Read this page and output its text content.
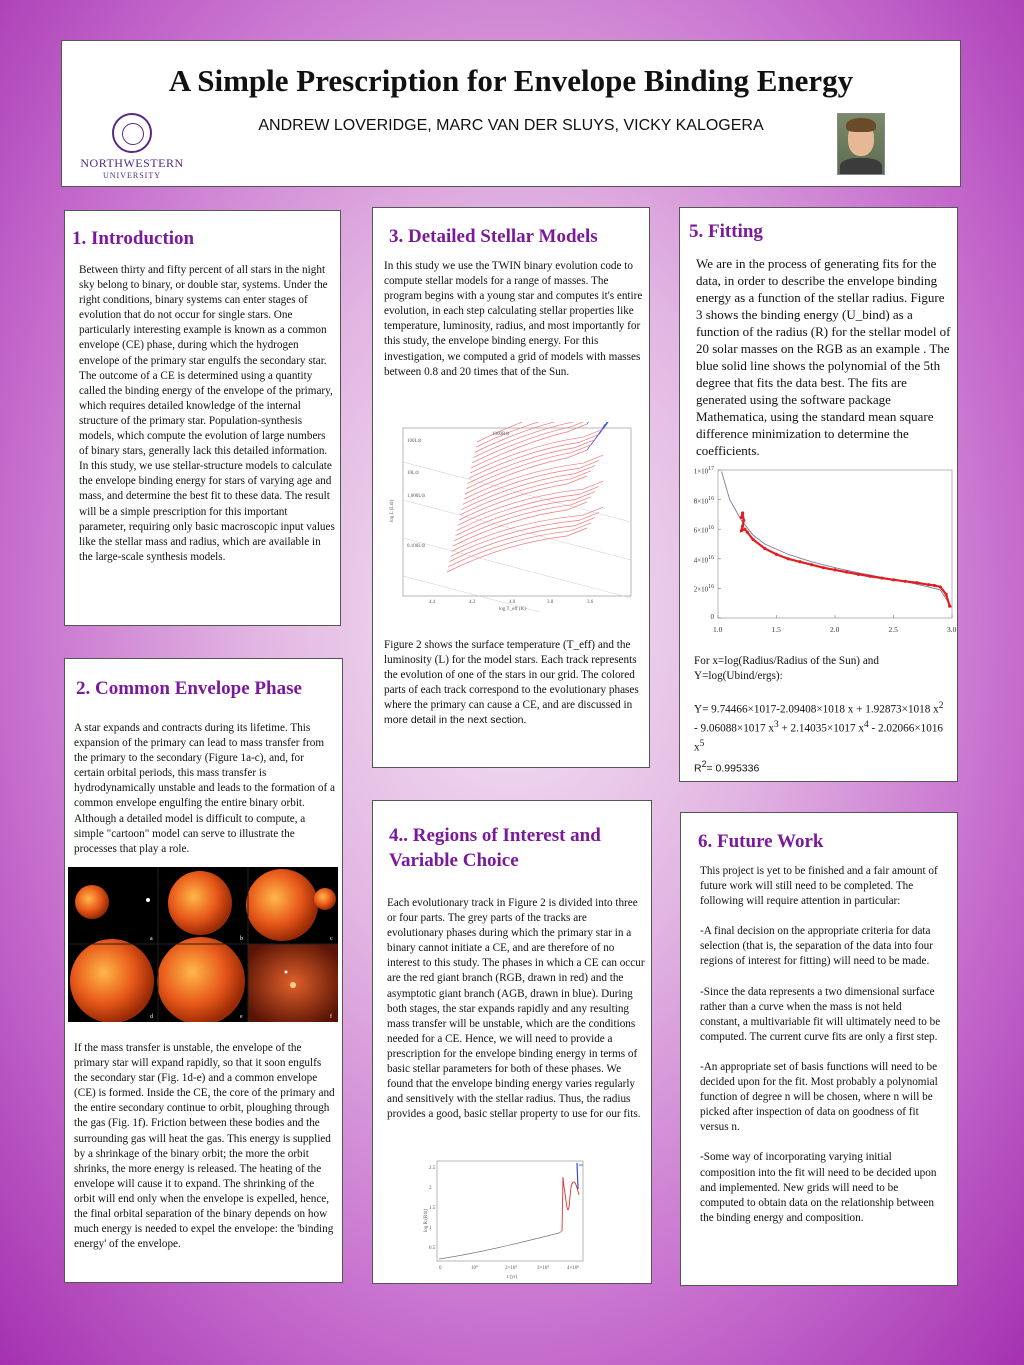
A Simple Prescription for Envelope Binding Energy
ANDREW LOVERIDGE, MARC VAN DER SLUYS, VICKY KALOGERA
NORTHWESTERN
UNIVERSITY
1. Introduction

Between thirty and fifty percent of all stars in the night sky belong to binary, or double star, systems. Under the right conditions, binary systems can enter stages of evolution that do not occur for single stars. One particularly interesting example is known as a common envelope (CE) phase, during which the hydrogen envelope of the primary star engulfs the secondary star. The outcome of a CE is determined using a quantity called the binding energy of the envelope of the primary, which requires detailed knowledge of the internal structure of the primary star. Population-synthesis models, which compute the evolution of large numbers of binary stars, generally lack this detailed information. In this study, we use stellar-structure models to calculate the envelope binding energy for stars of varying age and mass, and determine the best fit to these data. The result will be a simple prescription for this important parameter, requiring only basic macroscopic input values like the stellar mass and radius, which are available in the large-scale synthesis models.

2. Common Envelope Phase

A star expands and contracts during its lifetime. This expansion of the primary can lead to mass transfer from the primary to the secondary (Figure 1a-c), and, for certain orbital periods, this mass transfer is hydrodynamically unstable and leads to the formation of a common envelope engulfing the entire binary orbit. Although a detailed model is difficult to compute, a simple "cartoon" model can serve to illustrate the processes that play a role.

a	b	c
d	e	f

If the mass transfer is unstable, the envelope of the primary star will expand rapidly, so that it soon engulfs the secondary star (Fig. 1d-e) and a common envelope (CE) is formed. Inside the CE, the core of the primary and the entire secondary continue to orbit, ploughing through the gas (Fig. 1f). Friction between these bodies and the surrounding gas will heat the gas. This energy is supplied by a shrinkage of the binary orbit; the more the orbit shrinks, the more energy is released. The heating of the envelope will cause it to expand. The shrinking of the orbit will end only when the envelope is expelled, hence, the final orbital separation of the binary depends on how much energy is needed to expel the envelope: the 'binding energy' of the envelope.

3. Detailed Stellar Models

In this study we use the TWIN binary evolution code to compute stellar models for a range of masses. The program begins with a young star and computes it's entire evolution, in each step calculating stellar properties like temperature, luminosity, radius, and most importantly for this study, the envelope binding energy. For this investigation, we computed a grid of models with masses between 0.8 and 20 times that of the Sun.

100L⊙
10L⊙
1,000L⊙
0.100L⊙
1000R⊙
log L (L⊙)
log T_eff (K)
4.4	4.2	4.0	3.8	3.6

Figure 2 shows the surface temperature (T_eff) and the luminosity (L) for the model stars. Each track represents the evolution of one of the stars in our grid. The colored parts of each track correspond to the evolutionary phases where the primary can cause a CE, and are discussed in more detail in the next section.

4.. Regions of Interest and Variable Choice

Each evolutionary track in Figure 2 is divided into three or four parts. The grey parts of the tracks are evolutionary phases during which the primary star in a binary cannot initiate a CE, and are therefore of no interest to this study. The phases in which a CE can occur are the red giant branch (RGB, drawn in red) and the asymptotic giant branch (AGB, drawn in blue). During both stages, the star expands rapidly and any resulting mass transfer will be unstable, which are the conditions needed for a CE. Hence, we will need to provide a prescription for the envelope binding energy in terms of basic stellar parameters for both of these phases. We found that the envelope binding energy varies regularly and sensitively with the stellar radius. Thus, the radius provides a good, basic stellar property to use for our fits.

log R (R⊙)
t (yr)
0	10⁹	2×10⁹	3×10⁹	4×10⁹
2.5
2
1.5
1
0.5
5. Fitting

We are in the process of generating fits for the data, in order to describe the envelope binding energy as a function of the stellar radius. Figure 3 shows the binding energy (U_bind) as a function of the radius (R) for the stellar model of 20 solar masses on the RGB as an example . The blue solid line shows the polynomial of the 5th degree that fits the data best. The fits are generated using the software package Mathematica, using the standard mean square difference minimization to determine the coefficients.

1.0	1.5	2.0	2.5	3.0
0
$2\times 10^{16}$
$4\times 10^{16}$
$6\times 10^{16}$
$8\times 10^{16}$
$1\times 10^{17}$

For x=log(Radius/Radius of the Sun) and Y=log(Ubind/ergs):

Y= 9.74466×1017-2.09408×1018 x + 1.92873×1018 $x^2 - 9.06088\times 1017$ $x^3 + 2.14035\times 1017$ $x^4 - 2.02066\times 1016$ $x^5$

$R^2= 0.995336$

6. Future Work
This project is yet to be finished and a fair amount of future work will still need to be completed. The following will require attention in particular:
-A final decision on the appropriate criteria for data selection (that is, the separation of the data into four regions of interest for fitting) will need to be made.
-Since the data represents a two dimensional surface rather than a curve when the mass is not held constant, a multivariable fit will ultimately need to be computed. The current curve fits are only a first step.
-An appropriate set of basis functions will need to be decided upon for the fit. Most probably a polynomial function of degree n will be chosen, where n will be picked after inspection of data on goodness of fit versus n.
-Some way of incorporating varying initial composition into the fit will need to be decided upon and implemented. New grids will need to be computed to obtain data on the relationship between the binding energy and composition.
